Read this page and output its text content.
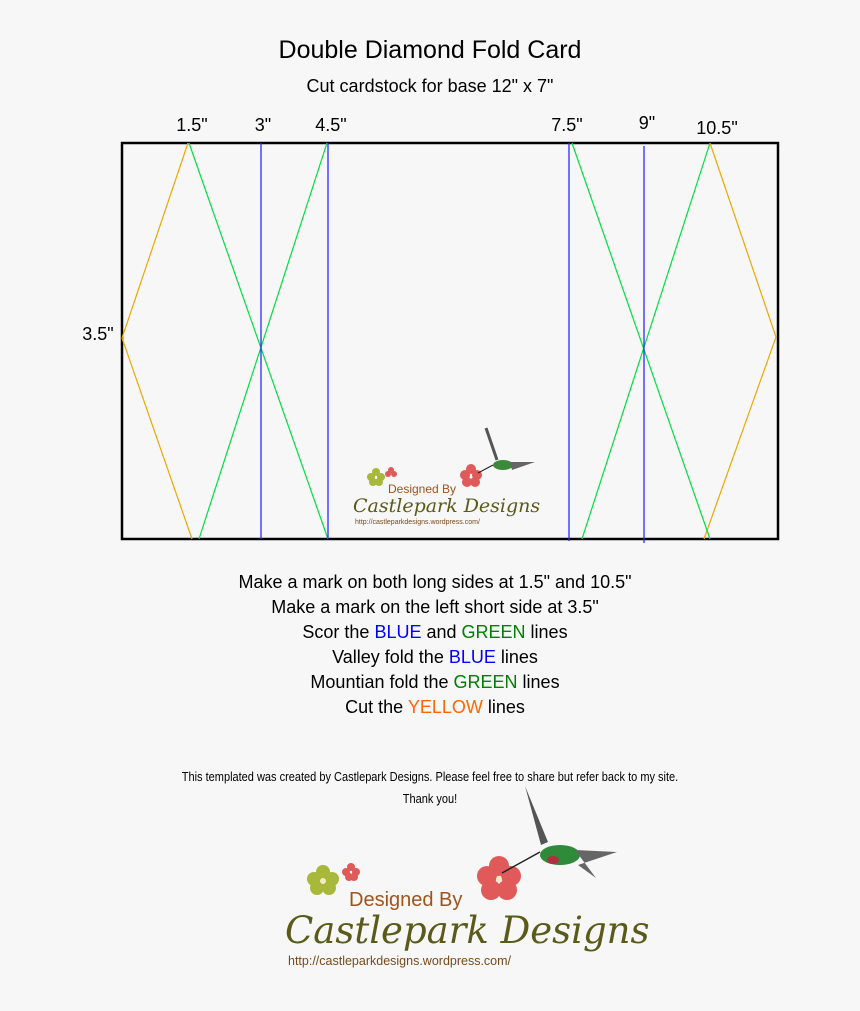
Double Diamond Fold Card
Cut cardstock for base 12" x 7"
1.5"	3" 4.5"	7.5"	9" 10.5"
3.5"
Designed By
Castlepark Designs
http://castleparkdesigns.wordpress.com/
Designed By
Castlepark Designs
http://castleparkdesigns.wordpress.com/
Make a mark on both long sides at 1.5" and 10.5"
Make a mark on the left short side at 3.5"
Scor the BLUE and GREEN lines
Valley fold the BLUE lines
Mountian fold the GREEN lines
Cut the YELLOW lines
This templated was created by Castlepark Designs. Please feel free to share but refer back to my site.
Thank you!
